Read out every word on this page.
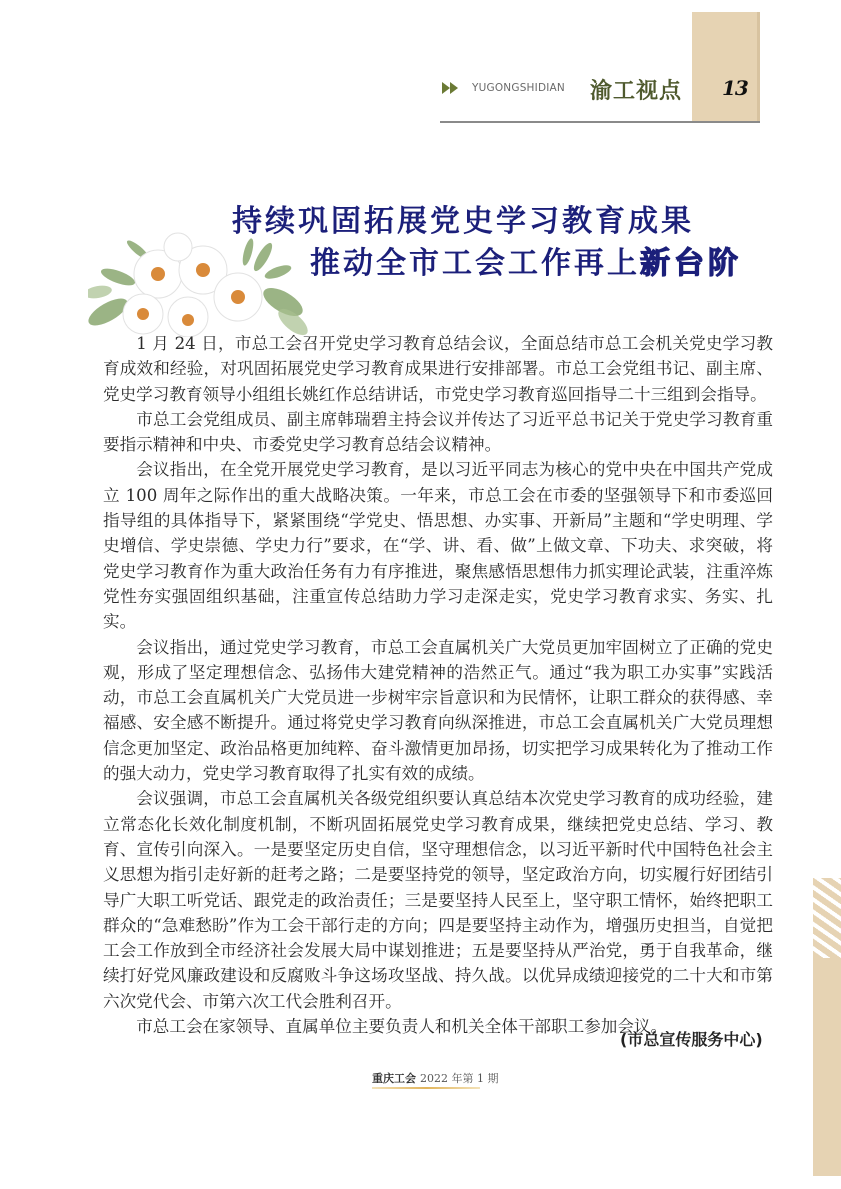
13
YUGONGSHIDIAN 渝工视点
持续巩固拓展党史学习教育成果
推动全市工会工作再上新台阶

1 月 24 日，市总工会召开党史学习教育总结会议，全面总结市总工会机关党史学习教育成效和经验，对巩固拓展党史学习教育成果进行安排部署。市总工会党组书记、副主席、党史学习教育领导小组组长姚红作总结讲话，市党史学习教育巡回指导二十三组到会指导。

市总工会党组成员、副主席韩瑞碧主持会议并传达了习近平总书记关于党史学习教育重要指示精神和中央、市委党史学习教育总结会议精神。

会议指出，在全党开展党史学习教育，是以习近平同志为核心的党中央在中国共产党成立 100 周年之际作出的重大战略决策。一年来，市总工会在市委的坚强领导下和市委巡回指导组的具体指导下，紧紧围绕“学党史、悟思想、办实事、开新局”主题和“学史明理、学史增信、学史崇德、学史力行”要求，在“学、讲、看、做”上做文章、下功夫、求突破，将党史学习教育作为重大政治任务有力有序推进，聚焦感悟思想伟力抓实理论武装，注重淬炼党性夯实强固组织基础，注重宣传总结助力学习走深走实，党史学习教育求实、务实、扎实。

会议指出，通过党史学习教育，市总工会直属机关广大党员更加牢固树立了正确的党史观，形成了坚定理想信念、弘扬伟大建党精神的浩然正气。通过“我为职工办实事”实践活动，市总工会直属机关广大党员进一步树牢宗旨意识和为民情怀，让职工群众的获得感、幸福感、安全感不断提升。通过将党史学习教育向纵深推进，市总工会直属机关广大党员理想信念更加坚定、政治品格更加纯粹、奋斗激情更加昂扬，切实把学习成果转化为了推动工作的强大动力，党史学习教育取得了扎实有效的成绩。

会议强调，市总工会直属机关各级党组织要认真总结本次党史学习教育的成功经验，建立常态化长效化制度机制，不断巩固拓展党史学习教育成果，继续把党史总结、学习、教育、宣传引向深入。一是要坚定历史自信，坚守理想信念，以习近平新时代中国特色社会主义思想为指引走好新的赶考之路；二是要坚持党的领导，坚定政治方向，切实履行好团结引导广大职工听党话、跟党走的政治责任；三是要坚持人民至上，坚守职工情怀，始终把职工群众的“急难愁盼”作为工会干部行走的方向；四是要坚持主动作为，增强历史担当，自觉把工会工作放到全市经济社会发展大局中谋划推进；五是要坚持从严治党，勇于自我革命，继续打好党风廉政建设和反腐败斗争这场攻坚战、持久战。以优异成绩迎接党的二十大和市第六次党代会、市第六次工代会胜利召开。

市总工会在家领导、直属单位主要负责人和机关全体干部职工参加会议。

(市总宣传服务中心)
重庆工会 2022 年第 1 期
